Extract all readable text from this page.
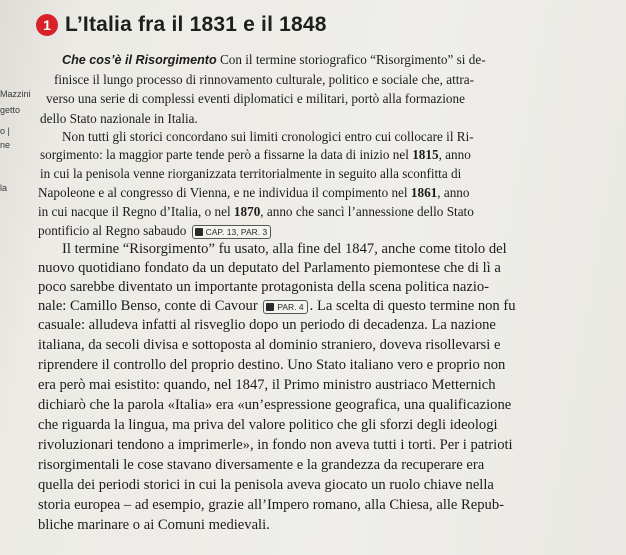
1 L’Italia fra il 1831 e il 1848
Mazzini
getto
o |
ne
la
Che cos’è il Risorgimento Con il termine storiografico “Risorgimento” si de-
finisce il lungo processo di rinnovamento culturale, politico e sociale che, attra-
verso una serie di complessi eventi diplomatici e militari, portò alla formazione
dello Stato nazionale in Italia.
Non tutti gli storici concordano sui limiti cronologici entro cui collocare il Ri-
sorgimento: la maggior parte tende però a fissarne la data di inizio nel 1815, anno
in cui la penisola venne riorganizzata territorialmente in seguito alla sconfitta di
Napoleone e al congresso di Vienna, e ne individua il compimento nel 1861, anno
in cui nacque il Regno d’Italia, o nel 1870, anno che sancì l’annessione dello Stato
pontificio al Regno sabaudo CAP. 13, PAR. 3
Il termine “Risorgimento” fu usato, alla fine del 1847, anche come titolo del
nuovo quotidiano fondato da un deputato del Parlamento piemontese che di lì a
poco sarebbe diventato un importante protagonista della scena politica nazio-
nale: Camillo Benso, conte di Cavour PAR. 4 . La scelta di questo termine non fu
casuale: alludeva infatti al risveglio dopo un periodo di decadenza. La nazione
italiana, da secoli divisa e sottoposta al dominio straniero, doveva risollevarsi e
riprendere il controllo del proprio destino. Uno Stato italiano vero e proprio non
era però mai esistito: quando, nel 1847, il Primo ministro austriaco Metternich
dichiarò che la parola «Italia» era «un’espressione geografica, una qualificazione
che riguarda la lingua, ma priva del valore politico che gli sforzi degli ideologi
rivoluzionari tendono a imprimerle», in fondo non aveva tutti i torti. Per i patrioti
risorgimentali le cose stavano diversamente e la grandezza da recuperare era
quella dei periodi storici in cui la penisola aveva giocato un ruolo chiave nella
storia europea – ad esempio, grazie all’Impero romano, alla Chiesa, alle Repub-
bliche marinare o ai Comuni medievali.
